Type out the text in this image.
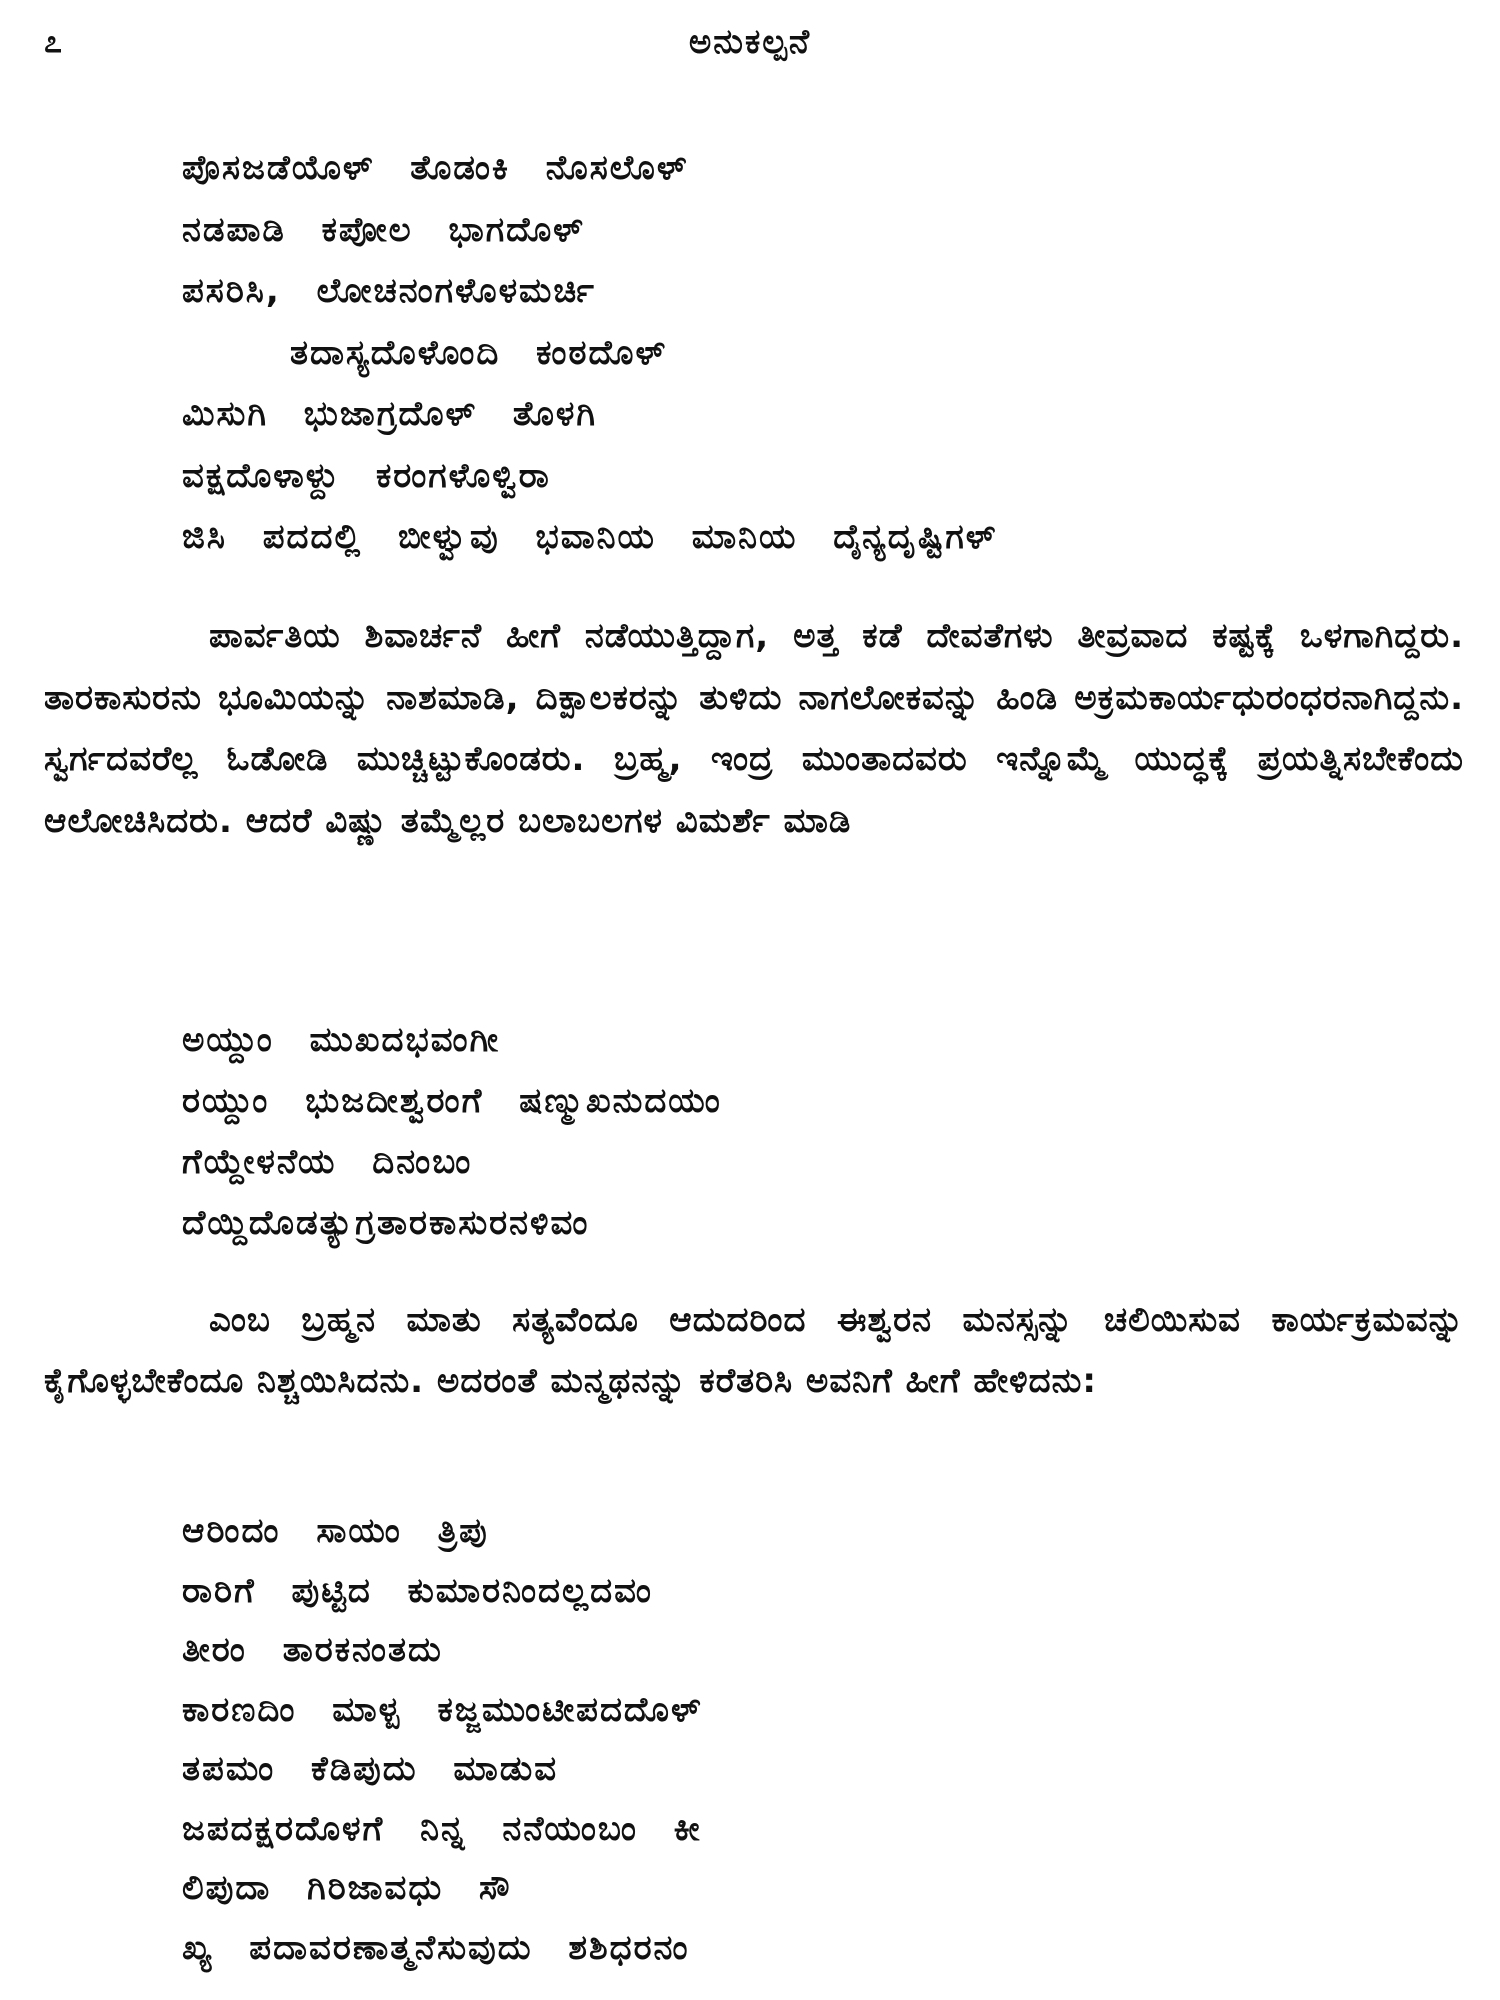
೭	ಅನುಕಲ್ಪನೆ
ಪೊಸಜಡೆಯೊಳ್ ತೊಡಂಕಿ ನೊಸಲೊಳ್
ನಡಪಾಡಿ ಕಪೋಲ ಭಾಗದೊಳ್
ಪಸರಿಸಿ, ಲೋಚನಂಗಳೊಳಮರ್ಚಿ
ತದಾಸ್ಯದೊಳೊಂದಿ ಕಂಠದೊಳ್
ಮಿಸುಗಿ ಭುಜಾಗ್ರದೊಳ್ ತೊಳಗಿ
ವಕ್ಷದೊಳಾಳ್ದು ಕರಂಗಳೊಳ್ವಿರಾ
ಜಿಸಿ ಪದದಲ್ಲಿ ಬೀಳ್ವುವು ಭವಾನಿಯ ಮಾನಿಯ ದೈನ್ಯದೃಷ್ಟಿಗಳ್

ಪಾರ್ವತಿಯ ಶಿವಾರ್ಚನೆ ಹೀಗೆ ನಡೆಯುತ್ತಿದ್ದಾಗ, ಅತ್ತ ಕಡೆ ದೇವತೆಗಳು ತೀವ್ರವಾದ ಕಷ್ಟಕ್ಕೆ ಒಳಗಾಗಿದ್ದರು. ತಾರಕಾಸುರನು ಭೂಮಿಯನ್ನು ನಾಶಮಾಡಿ, ದಿಕ್ಪಾಲಕರನ್ನು ತುಳಿದು ನಾಗಲೋಕವನ್ನು ಹಿಂಡಿ ಅಕ್ರಮಕಾರ್ಯಧುರಂಧರನಾಗಿದ್ದನು. ಸ್ವರ್ಗದವರೆಲ್ಲ ಓಡೋಡಿ ಮುಚ್ಚಿಟ್ಟುಕೊಂಡರು. ಬ್ರಹ್ಮ, ಇಂದ್ರ ಮುಂತಾದವರು ಇನ್ನೊಮ್ಮೆ ಯುದ್ಧಕ್ಕೆ ಪ್ರಯತ್ನಿಸಬೇಕೆಂದು ಆಲೋಚಿಸಿದರು. ಆದರೆ ವಿಷ್ಣು ತಮ್ಮೆಲ್ಲರ ಬಲಾಬಲಗಳ ವಿಮರ್ಶೆ ಮಾಡಿ

ಅಯ್ದುಂ ಮುಖದಭವಂಗೀ
ರಯ್ದುಂ ಭುಜದೀಶ್ವರಂಗೆ ಷಣ್ಮುಖನುದಯಂ
ಗೆಯ್ದೇಳನೆಯ ದಿನಂಬಂ
ದೆಯ್ದಿದೊಡತ್ಯುಗ್ರತಾರಕಾಸುರನಳಿವಂ

ಎಂಬ ಬ್ರಹ್ಮನ ಮಾತು ಸತ್ಯವೆಂದೂ ಆದುದರಿಂದ ಈಶ್ವರನ ಮನಸ್ಸನ್ನು ಚಲಿಯಿಸುವ ಕಾರ್ಯಕ್ರಮವನ್ನು ಕೈಗೊಳ್ಳಬೇಕೆಂದೂ ನಿಶ್ಚಯಿಸಿದನು. ಅದರಂತೆ ಮನ್ಮಥನನ್ನು ಕರೆತರಿಸಿ ಅವನಿಗೆ ಹೀಗೆ ಹೇಳಿದನು:

ಆರಿಂದಂ ಸಾಯಂ ತ್ರಿಪು
ರಾರಿಗೆ ಪುಟ್ಟಿದ ಕುಮಾರನಿಂದಲ್ಲದವಂ
ತೀರಂ ತಾರಕನಂತದು
ಕಾರಣದಿಂ ಮಾಳ್ಪ ಕಜ್ಜಮುಂಟೀಪದದೊಳ್
ತಪಮಂ ಕೆಡಿಪುದು ಮಾಡುವ
ಜಪದಕ್ಷರದೊಳಗೆ ನಿನ್ನ ನನೆಯಂಬಂ ಕೀ
ಲಿಪುದಾ ಗಿರಿಜಾವಧು ಸೌ
ಖ್ಯ ಪದಾವರಣಾತ್ಮನೆಸುವುದು ಶಶಿಧರನಂ
